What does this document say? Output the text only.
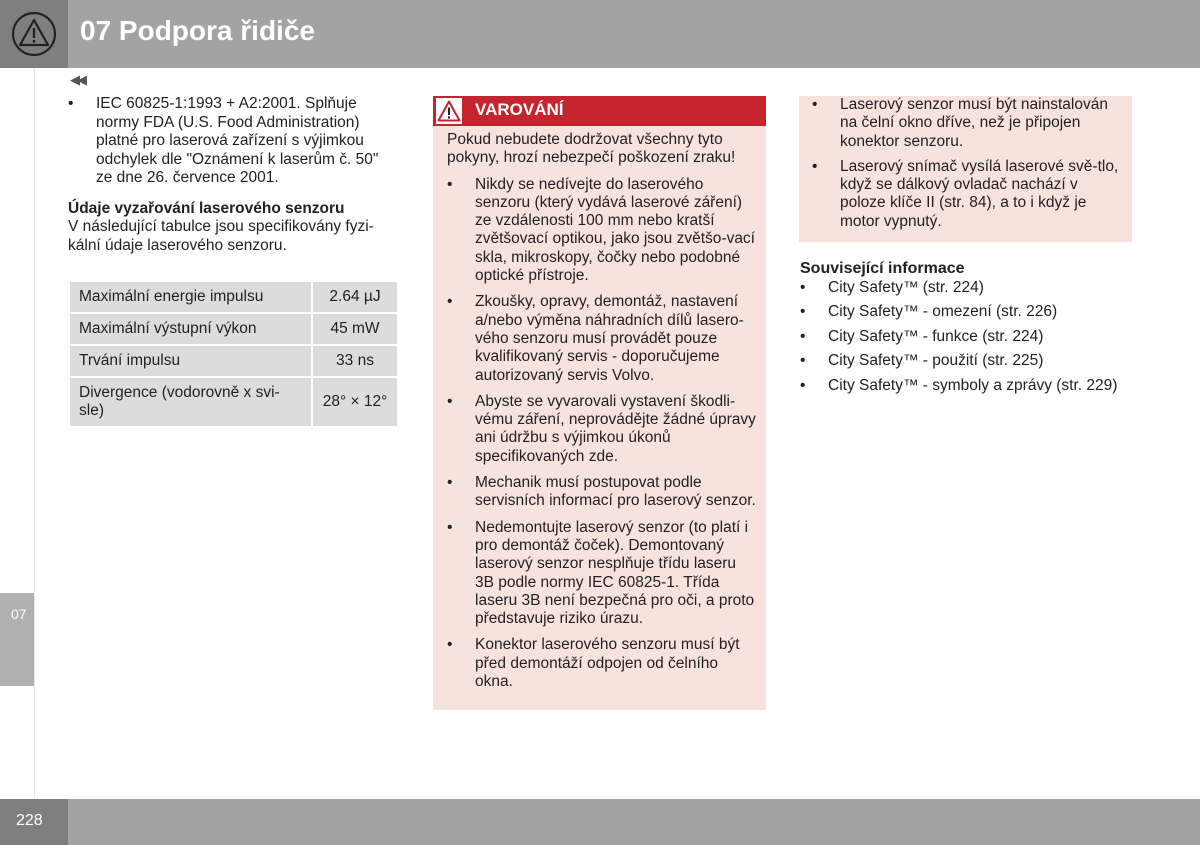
07 Podpora řidiče
07
◀◀
• IEC 60825-1:1993 + A2:2001. Splňuje normy FDA (U.S. Food Administration) platné pro laserová zařízení s výjimkou odchylek dle "Oznámení k laserům č. 50" ze dne 26. července 2001.
Údaje vyzařování laserového senzoru
V následující tabulce jsou specifikovány fyzi-kální údaje laserového senzoru.
Maximální energie impulsu	2.64 µJ
Maximální výstupní výkon	45 mW
Trvání impulsu	33 ns
Divergence (vodorovně x svi-sle)	28° × 12°
VAROVÁNÍ
Pokud nebudete dodržovat všechny tyto pokyny, hrozí nebezpečí poškození zraku!
• Nikdy se nedívejte do laserového senzoru (který vydává laserové záření) ze vzdálenosti 100 mm nebo kratší zvětšovací optikou, jako jsou zvětšo-vací skla, mikroskopy, čočky nebo podobné optické přístroje.
• Zkoušky, opravy, demontáž, nastavení a/nebo výměna náhradních dílů lasero-vého senzoru musí provádět pouze kvalifikovaný servis - doporučujeme autorizovaný servis Volvo.
• Abyste se vyvarovali vystavení škodli-vému záření, neprovádějte žádné úpravy ani údržbu s výjimkou úkonů specifikovaných zde.
• Mechanik musí postupovat podle servisních informací pro laserový senzor.
• Nedemontujte laserový senzor (to platí i pro demontáž čoček). Demontovaný laserový senzor nesplňuje třídu laseru 3B podle normy IEC 60825-1. Třída laseru 3B není bezpečná pro oči, a proto představuje riziko úrazu.
• Konektor laserového senzoru musí být před demontáží odpojen od čelního okna.
• Laserový senzor musí být nainstalován na čelní okno dříve, než je připojen konektor senzoru.
• Laserový snímač vysílá laserové svě-tlo, když se dálkový ovladač nachází v poloze klíče II (str. 84), a to i když je motor vypnutý.
Související informace
• City Safety™ (str. 224)
• City Safety™ - omezení (str. 226)
• City Safety™ - funkce (str. 224)
• City Safety™ - použití (str. 225)
• City Safety™ - symboly a zprávy (str. 229)
228
